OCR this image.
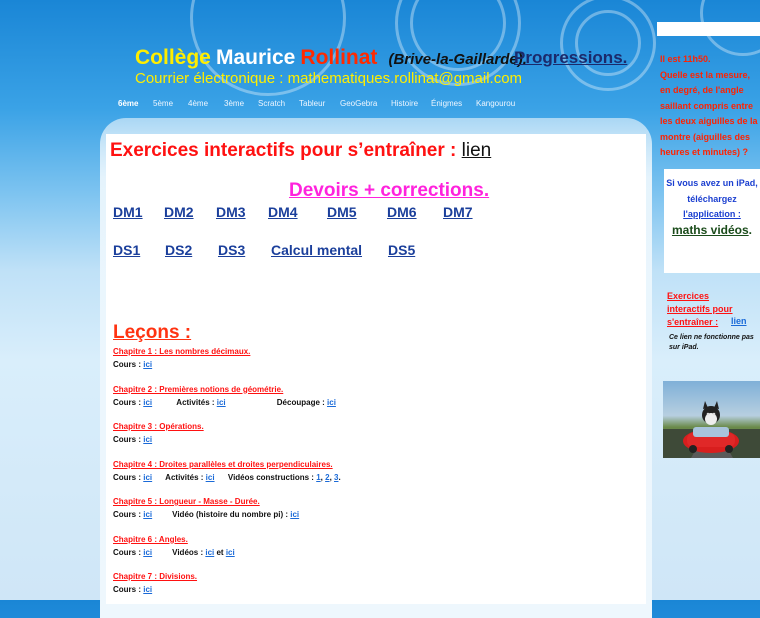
Collège Maurice Rollinat (Brive-la-Gaillarde).
Progressions.
Courrier électronique : mathematiques.rollinat@gmail.com
6ème 5ème 4ème 3ème Scratch Tableur GeoGebra Histoire Énigmes Kangourou
Exercices interactifs pour s’entraîner : lien
Devoirs + corrections.
DM1 DM2 DM3 DM4 DM5 DM6 DM7
DS1 DS2 DS3 Calcul mental DS5
Leçons :
Chapitre 1 : Les nombres décimaux.
Cours : ici
Chapitre 2 : Premières notions de géométrie.
Cours : ici           Activités : ici                       Découpage : ici
Chapitre 3 : Opérations.
Cours : ici
Chapitre 4 : Droites parallèles et droites perpendiculaires.
Cours : ici      Activités : ici      Vidéos constructions : 1, 2, 3.
Chapitre 5 : Longueur - Masse - Durée.
Cours : ici         Vidéo (histoire du nombre pi) : ici
Chapitre 6 : Angles.
Cours : ici         Vidéos : ici et ici
Chapitre 7 : Divisions.
Cours : ici
Il est 11h50.
Quelle est la mesure,
en degré, de l'angle
saillant compris entre
les deux aiguilles de la
montre (aiguilles des
heures et minutes) ?
Si vous avez un iPad,
téléchargez
l'application :
maths vidéos.
Exercices
interactifs pour
s'entraîner :	lien
Ce lien ne fonctionne pas sur iPad.
